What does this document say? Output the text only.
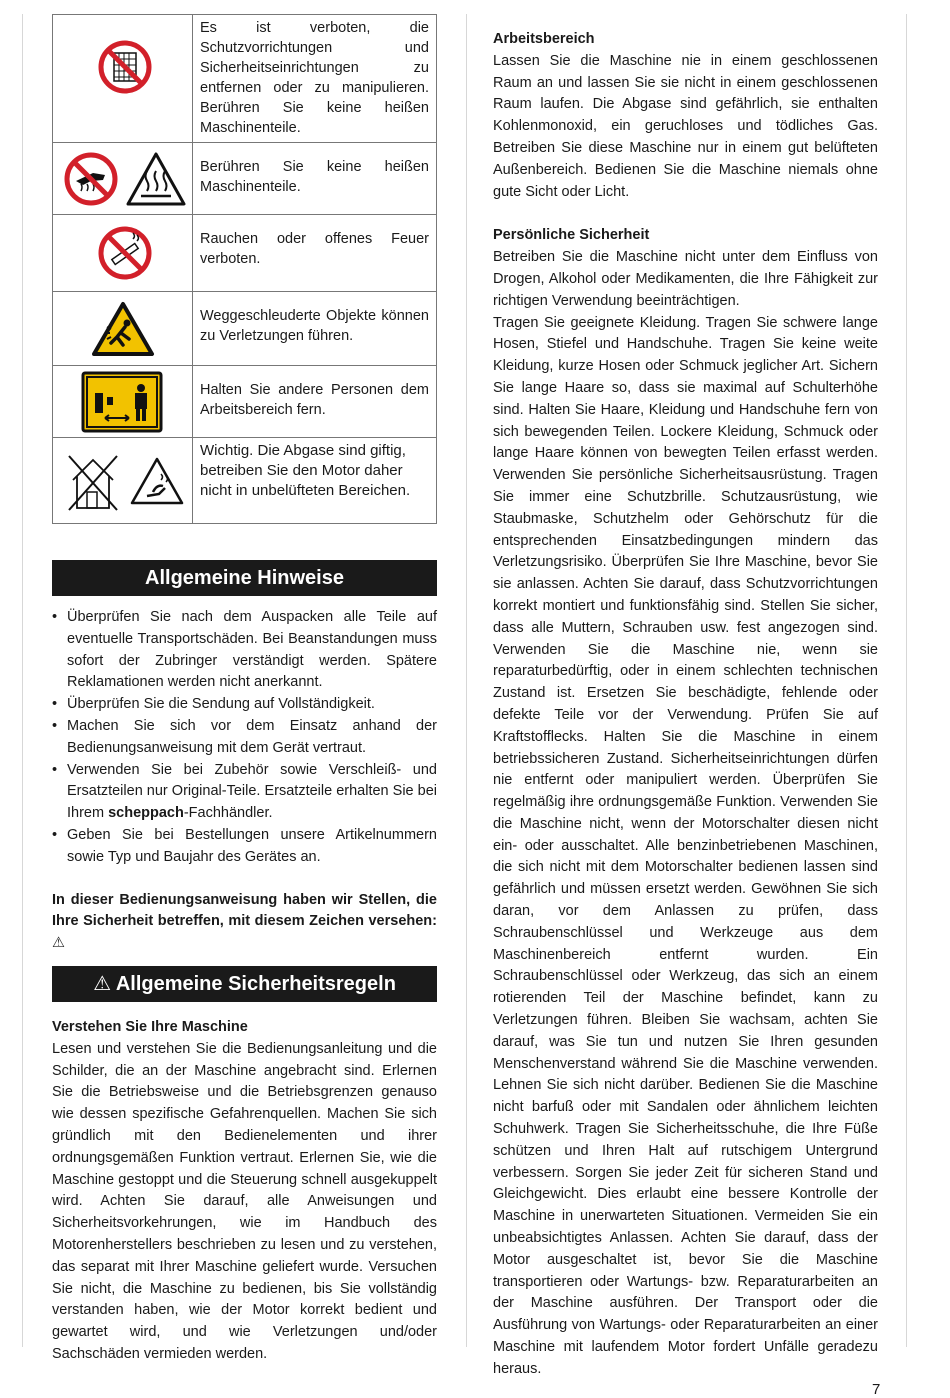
	Es ist verboten, die Schutzvorrichtungen und Sicherheitseinrichtungen zu entfernen oder zu manipulieren. Berühren Sie keine heißen Maschinenteile.

	Berühren Sie keine heißen Maschinenteile.

	Rauchen oder offenes Feuer verboten.

	Weggeschleuderte Objekte können zu Verletzungen führen.

	Halten Sie andere Personen dem Arbeitsbereich fern.

	Wichtig. Die Abgase sind giftig, betreiben Sie den Motor daher nicht in unbelüfteten Bereichen.
Allgemeine Hinweise
• Überprüfen Sie nach dem Auspacken alle Teile auf eventuelle Transportschäden. Bei Beanstandungen muss sofort der Zubringer verständigt werden. Spätere Reklamationen werden nicht anerkannt.
• Überprüfen Sie die Sendung auf Vollständigkeit.
• Machen Sie sich vor dem Einsatz anhand der Bedienungsanweisung mit dem Gerät vertraut.
• Verwenden Sie bei Zubehör sowie Verschleiß- und Ersatzteilen nur Original-Teile. Ersatzteile erhalten Sie bei Ihrem scheppach-Fachhändler.
• Geben Sie bei Bestellungen unsere Artikelnummern sowie Typ und Baujahr des Gerätes an.
In dieser Bedienungsanweisung haben wir Stellen, die Ihre Sicherheit betreffen, mit diesem Zeichen versehen: ⚠
⚠ Allgemeine Sicherheitsregeln
Verstehen Sie Ihre Maschine

Lesen und verstehen Sie die Bedienungsanleitung und die Schilder, die an der Maschine angebracht sind. Erlernen Sie die Betriebsweise und die Betriebsgrenzen genauso wie dessen spezifische Gefahrenquellen. Machen Sie sich gründlich mit den Bedienelementen und ihrer ordnungsgemäßen Funktion vertraut. Erlernen Sie, wie die Maschine gestoppt und die Steuerung schnell ausgekuppelt wird. Achten Sie darauf, alle Anweisungen und Sicherheitsvorkehrungen, wie im Handbuch des Motorenherstellers beschrieben zu lesen und zu verstehen, das separat mit Ihrer Maschine geliefert wurde. Versuchen Sie nicht, die Maschine zu bedienen, bis Sie vollständig verstanden haben, wie der Motor korrekt bedient und gewartet wird, und wie Verletzungen und/oder Sachschäden vermieden werden.

Arbeitsbereich

Lassen Sie die Maschine nie in einem geschlossenen Raum an und lassen Sie sie nicht in einem geschlossenen Raum laufen. Die Abgase sind gefährlich, sie enthalten Kohlenmonoxid, ein geruchloses und tödliches Gas. Betreiben Sie diese Maschine nur in einem gut belüfteten Außenbereich. Bedienen Sie die Maschine niemals ohne gute Sicht oder Licht.

Persönliche Sicherheit

Betreiben Sie die Maschine nicht unter dem Einfluss von Drogen, Alkohol oder Medikamenten, die Ihre Fähigkeit zur richtigen Verwendung beeinträchtigen.

Tragen Sie geeignete Kleidung. Tragen Sie schwere lange Hosen, Stiefel und Handschuhe. Tragen Sie keine weite Kleidung, kurze Hosen oder Schmuck jeglicher Art. Sichern Sie lange Haare so, dass sie maximal auf Schulterhöhe sind. Halten Sie Haare, Kleidung und Handschuhe fern von sich bewegenden Teilen. Lockere Kleidung, Schmuck oder lange Haare können von bewegten Teilen erfasst werden. Verwenden Sie persönliche Sicherheitsausrüstung. Tragen Sie immer eine Schutzbrille. Schutzausrüstung, wie Staubmaske, Schutzhelm oder Gehörschutz für die entsprechenden Einsatzbedingungen mindern das Verletzungsrisiko. Überprüfen Sie Ihre Maschine, bevor Sie sie anlassen. Achten Sie darauf, dass Schutzvorrichtungen korrekt montiert und funktionsfähig sind. Stellen Sie sicher, dass alle Muttern, Schrauben usw. fest angezogen sind. Verwenden Sie die Maschine nie, wenn sie reparaturbedürftig, oder in einem schlechten technischen Zustand ist. Ersetzen Sie beschädigte, fehlende oder defekte Teile vor der Verwendung. Prüfen Sie auf Kraftstofflecks. Halten Sie die Maschine in einem betriebssicheren Zustand. Sicherheitseinrichtungen dürfen nie entfernt oder manipuliert werden. Überprüfen Sie regelmäßig ihre ordnungsgemäße Funktion. Verwenden Sie die Maschine nicht, wenn der Motorschalter diesen nicht ein- oder ausschaltet. Alle benzinbetriebenen Maschinen, die sich nicht mit dem Motorschalter bedienen lassen sind gefährlich und müssen ersetzt werden. Gewöhnen Sie sich daran, vor dem Anlassen zu prüfen, dass Schraubenschlüssel und Werkzeuge aus dem Maschinenbereich entfernt wurden. Ein Schraubenschlüssel oder Werkzeug, das sich an einem rotierenden Teil der Maschine befindet, kann zu Verletzungen führen. Bleiben Sie wachsam, achten Sie darauf, was Sie tun und nutzen Sie Ihren gesunden Menschenverstand während Sie die Maschine verwenden. Lehnen Sie sich nicht darüber. Bedienen Sie die Maschine nicht barfuß oder mit Sandalen oder ähnlichem leichten Schuhwerk. Tragen Sie Sicherheitsschuhe, die Ihre Füße schützen und Ihren Halt auf rutschigem Untergrund verbessern. Sorgen Sie jeder Zeit für sicheren Stand und Gleichgewicht. Dies erlaubt eine bessere Kontrolle der Maschine in unerwarteten Situationen. Vermeiden Sie ein unbeabsichtigtes Anlassen. Achten Sie darauf, dass der Motor ausgeschaltet ist, bevor Sie die Maschine transportieren oder Wartungs- bzw. Reparaturarbeiten an der Maschine ausführen. Der Transport oder die Ausführung von Wartungs- oder Reparaturarbeiten an einer Maschine mit laufendem Motor fordert Unfälle geradezu heraus.

7
